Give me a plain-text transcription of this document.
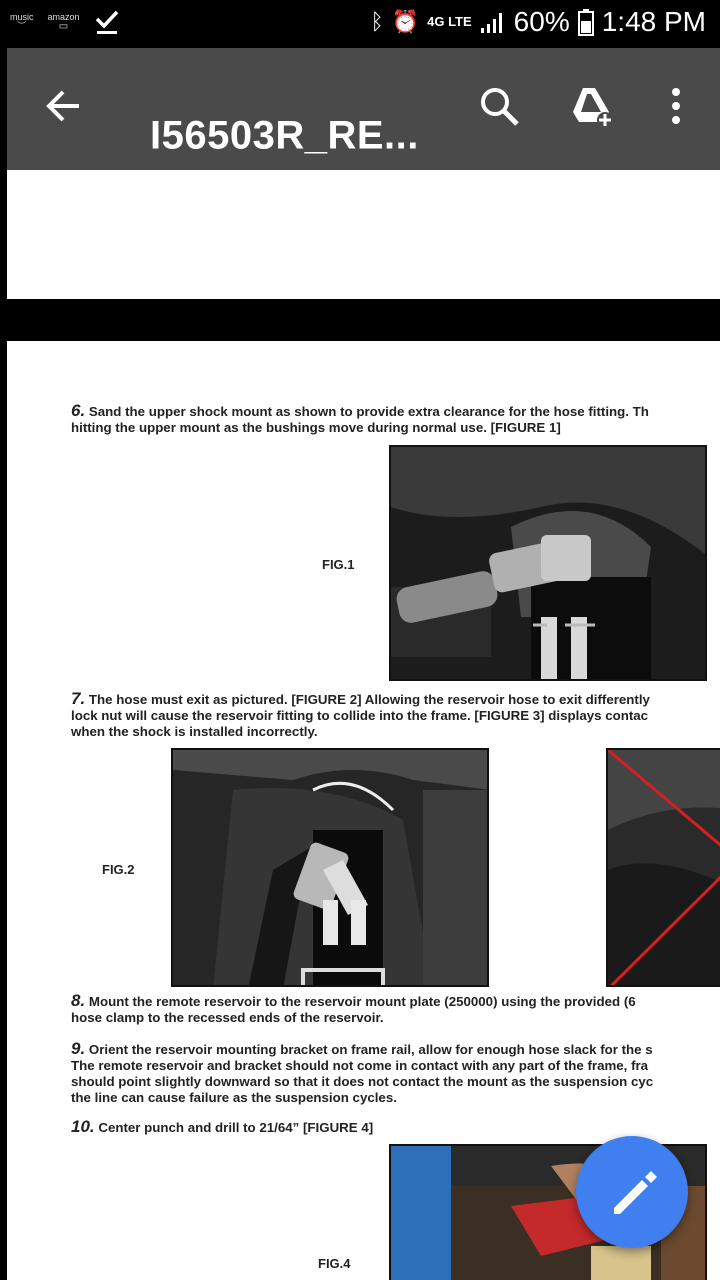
music
︶
amazon
▭	ᛒ ⏰ 4G LTE 60% 1:48 PM
I56503R_RE...
6. Sand the upper shock mount as shown to provide extra clearance for the hose fitting. Th
hitting the upper mount as the bushings move during normal use. [FIGURE 1]
FIG.1
7. The hose must exit as pictured. [FIGURE 2] Allowing the reservoir hose to exit differently
lock nut will cause the reservoir fitting to collide into the frame. [FIGURE 3] displays contac
when the shock is installed incorrectly.
FIG.2
8. Mount the remote reservoir to the reservoir mount plate (250000) using the provided (6
hose clamp to the recessed ends of the reservoir.
9. Orient the reservoir mounting bracket on frame rail, allow for enough hose slack for the s
The remote reservoir and bracket should not come in contact with any part of the frame, fra
should point slightly downward so that it does not contact the mount as the suspension cyc
the line can cause failure as the suspension cycles.
10. Center punch and drill to 21/64” [FIGURE 4]
FIG.4
